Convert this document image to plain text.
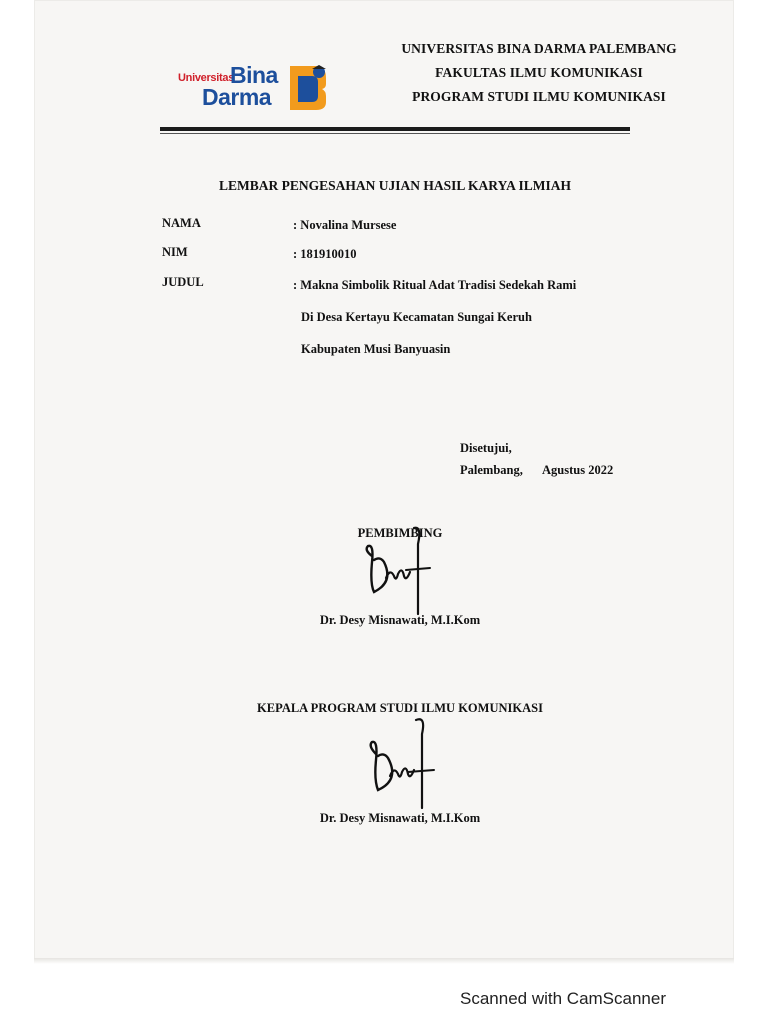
Universitas
Bina
Darma
UNIVERSITAS BINA DARMA PALEMBANG
FAKULTAS ILMU KOMUNIKASI
PROGRAM STUDI ILMU KOMUNIKASI
LEMBAR PENGESAHAN UJIAN HASIL KARYA ILMIAH
NAMA	: Novalina Mursese
NIM	: 181910010
JUDUL	: Makna Simbolik Ritual Adat Tradisi Sedekah Rami
Di Desa Kertayu Kecamatan Sungai Keruh
Kabupaten Musi Banyuasin
Disetujui,
Palembang, Agustus 2022
PEMBIMBING
Dr. Desy Misnawati, M.I.Kom
KEPALA PROGRAM STUDI ILMU KOMUNIKASI
Dr. Desy Misnawati, M.I.Kom
Scanned with CamScanner
